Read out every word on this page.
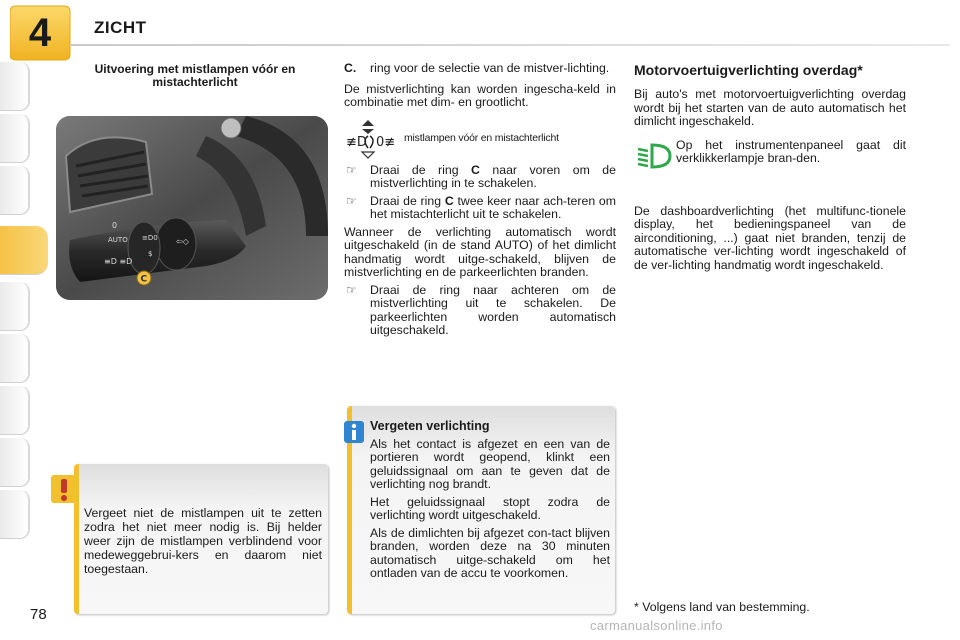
4	ZICHT
Uitvoering met mistlampen vóór en mistachterlicht
AUTO
0
≡D ≡D
≡D0
$
⇦◇
C
Vergeet niet de mistlampen uit te zetten zodra het niet meer nodig is. Bij helder weer zijn de mistlampen verblindend voor medeweggebrui-kers en daarom niet toegestaan.
C. ring voor de selectie van de mistver-lichting.

De mistverlichting kan worden ingescha-keld in combinatie met dim- en grootlicht.

≢D 0≢ mistlampen vóór en mistachterlicht
☞ Draai de ring C naar voren om de mistverlichting in te schakelen.
☞ Draai de ring C twee keer naar ach-teren om het mistachterlicht uit te schakelen.

Wanneer de verlichting automatisch wordt uitgeschakeld (in de stand AUTO) of het dimlicht handmatig wordt uitge-schakeld, blijven de mistverlichting en de parkeerlichten branden.

☞ Draai de ring naar achteren om de mistverlichting uit te schakelen. De parkeerlichten worden automatisch uitgeschakeld.
Vergeten verlichting

Als het contact is afgezet en een van de portieren wordt geopend, klinkt een geluidssignaal om aan te geven dat de verlichting nog brandt.

Het geluidssignaal stopt zodra de verlichting wordt uitgeschakeld.

Als de dimlichten bij afgezet con-tact blijven branden, worden deze na 30 minuten automatisch uitge-schakeld om het ontladen van de accu te voorkomen.

Motorvoertuigverlichting overdag*

Bij auto's met motorvoertuigverlichting overdag wordt bij het starten van de auto automatisch het dimlicht ingeschakeld.

Op het instrumentenpaneel gaat dit verklikkerlampje bran-den.

De dashboardverlichting (het multifunc-tionele display, het bedieningspaneel van de airconditioning, ...) gaat niet branden, tenzij de automatische ver-lichting wordt ingeschakeld of de ver-lichting handmatig wordt ingeschakeld.

* Volgens land van bestemming.
78
carmanualsonline.info
